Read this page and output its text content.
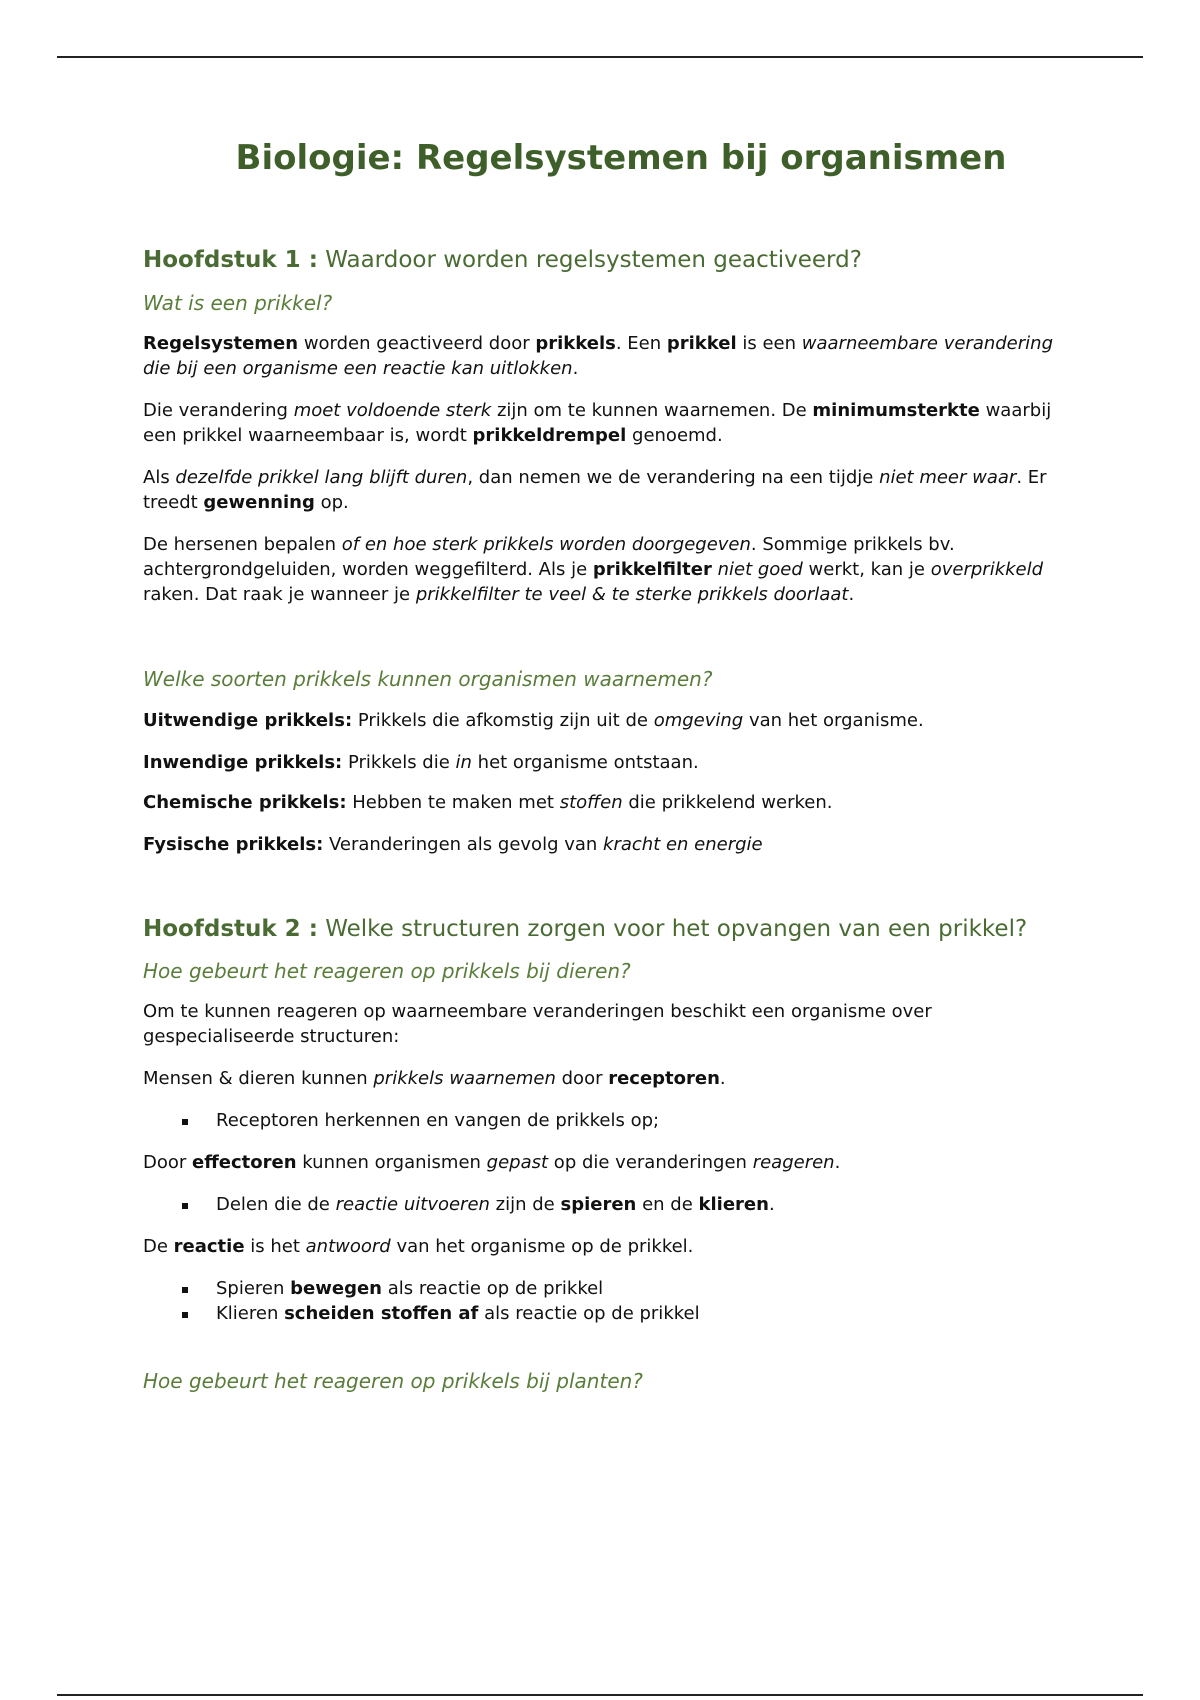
Biologie: Regelsystemen bij organismen
Hoofdstuk 1 : Waardoor worden regelsystemen geactiveerd?
Wat is een prikkel?

Regelsystemen worden geactiveerd door prikkels. Een prikkel is een waarneembare verandering die bij een organisme een reactie kan uitlokken.

Die verandering moet voldoende sterk zijn om te kunnen waarnemen. De minimumsterkte waarbij een prikkel waarneembaar is, wordt prikkeldrempel genoemd.

Als dezelfde prikkel lang blijft duren, dan nemen we de verandering na een tijdje niet meer waar. Er treedt gewenning op.

De hersenen bepalen of en hoe sterk prikkels worden doorgegeven. Sommige prikkels bv. achtergrondgeluiden, worden weggefilterd. Als je prikkelfilter niet goed werkt, kan je overprikkeld raken. Dat raak je wanneer je prikkelfilter te veel & te sterke prikkels doorlaat.

Welke soorten prikkels kunnen organismen waarnemen?

Uitwendige prikkels: Prikkels die afkomstig zijn uit de omgeving van het organisme.

Inwendige prikkels: Prikkels die in het organisme ontstaan.

Chemische prikkels: Hebben te maken met stoffen die prikkelend werken.

Fysische prikkels: Veranderingen als gevolg van kracht en energie

Hoofdstuk 2 : Welke structuren zorgen voor het opvangen van een prikkel?
Hoe gebeurt het reageren op prikkels bij dieren?

Om te kunnen reageren op waarneembare veranderingen beschikt een organisme over gespecialiseerde structuren:

Mensen & dieren kunnen prikkels waarnemen door receptoren.

Receptoren herkennen en vangen de prikkels op;

Door effectoren kunnen organismen gepast op die veranderingen reageren.

Delen die de reactie uitvoeren zijn de spieren en de klieren.

De reactie is het antwoord van het organisme op de prikkel.

Spieren bewegen als reactie op de prikkel
Klieren scheiden stoffen af als reactie op de prikkel
Hoe gebeurt het reageren op prikkels bij planten?
